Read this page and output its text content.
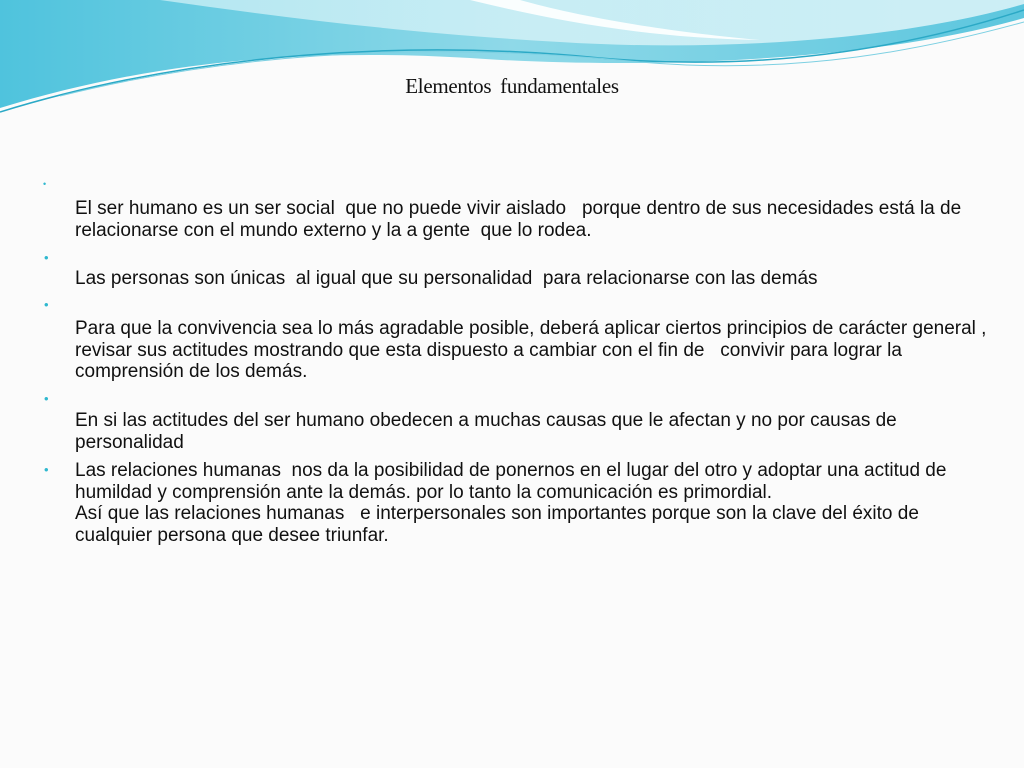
Elementos fundamentales
•

El ser humano es un ser social  que no puede vivir aislado   porque dentro de sus necesidades está la de relacionarse con el mundo externo y la a gente  que lo rodea.

•

Las personas son únicas  al igual que su personalidad  para relacionarse con las demás

•

Para que la convivencia sea lo más agradable posible, deberá aplicar ciertos principios de carácter general , revisar sus actitudes mostrando que esta dispuesto a cambiar con el fin de   convivir para lograr la comprensión de los demás.

•

En si las actitudes del ser humano obedecen a muchas causas que le afectan y no por causas de personalidad

• Las relaciones humanas  nos da la posibilidad de ponernos en el lugar del otro y adoptar una actitud de humildad y comprensión ante la demás. por lo tanto la comunicación es primordial.
Así que las relaciones humanas   e interpersonales son importantes porque son la clave del éxito de cualquier persona que desee triunfar.
